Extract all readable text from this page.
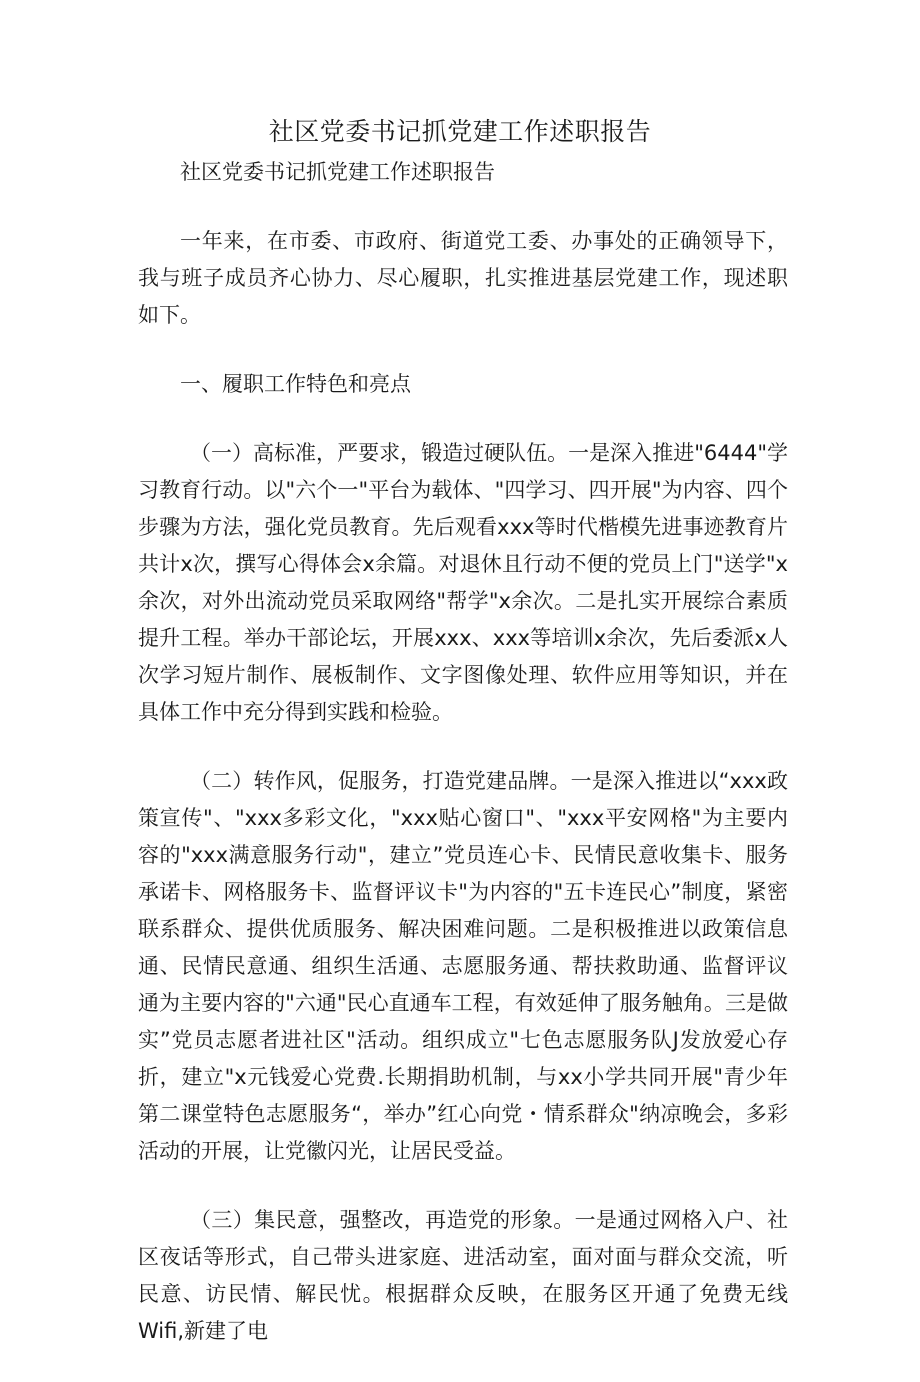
社区党委书记抓党建工作述职报告

社区党委书记抓党建工作述职报告

一年来，在市委、市政府、街道党工委、办事处的正确领导下，我与班子成员齐心协力、尽心履职，扎实推进基层党建工作，现述职如下。

一、履职工作特色和亮点

（一）高标准，严要求，锻造过硬队伍。一是深入推进"6444"学习教育行动。以"六个一"平台为载体、"四学习、四开展"为内容、四个步骤为方法，强化党员教育。先后观看xxx等时代楷模先进事迹教育片共计x次，撰写心得体会x余篇。对退休且行动不便的党员上门"送学"x余次，对外出流动党员采取网络"帮学"x余次。二是扎实开展综合素质提升工程。举办干部论坛，开展xxx、xxx等培训x余次，先后委派x人次学习短片制作、展板制作、文字图像处理、软件应用等知识，并在具体工作中充分得到实践和检验。

（二）转作风，促服务，打造党建品牌。一是深入推进以“xxx政策宣传"、"xxx多彩文化，"xxx贴心窗口"、"xxx平安网格"为主要内容的"xxx满意服务行动"，建立”党员连心卡、民情民意收集卡、服务承诺卡、网格服务卡、监督评议卡"为内容的"五卡连民心”制度，紧密联系群众、提供优质服务、解决困难问题。二是积极推进以政策信息通、民情民意通、组织生活通、志愿服务通、帮扶救助通、监督评议通为主要内容的"六通"民心直通车工程，有效延伸了服务触角。三是做实”党员志愿者进社区"活动。组织成立"七色志愿服务队J发放爱心存折，建立"x元钱爱心党费.长期捐助机制，与xx小学共同开展"青少年第二课堂特色志愿服务“，举办”红心向党・情系群众"纳凉晚会，多彩活动的开展，让党徽闪光，让居民受益。

（三）集民意，强整改，再造党的形象。一是通过网格入户、社区夜话等形式，自己带头进家庭、进活动室，面对面与群众交流，听民意、访民情、解民忧。根据群众反映，在服务区开通了免费无线Wifi,新建了电
